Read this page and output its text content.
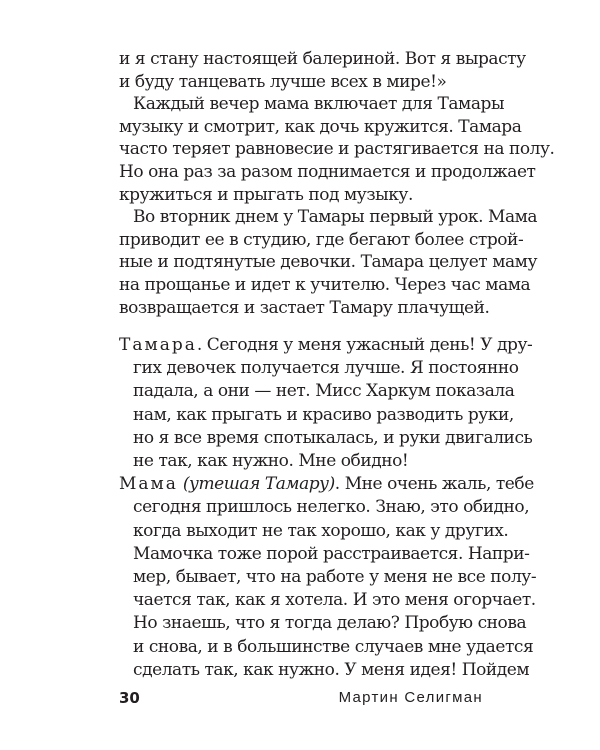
и я стану настоящей балериной. Вот я вырасту
и буду танцевать лучше всех в мире!»
Каждый вечер мама включает для Тамары
музыку и смотрит, как дочь кружится. Тамара
часто теряет равновесие и растягивается на полу.
Но она раз за разом поднимается и продолжает
кружиться и прыгать под музыку.
Во вторник днем у Тамары первый урок. Мама
приводит ее в студию, где бегают более строй-
ные и подтянутые девочки. Тамара целует маму
на прощанье и идет к учителю. Через час мама
возвращается и застает Тамару плачущей.
Тамара. Сегодня у меня ужасный день! У дру-
гих девочек получается лучше. Я постоянно
падала, а они — нет. Мисс Харкум показала
нам, как прыгать и красиво разводить руки,
но я все время спотыкалась, и руки двигались
не так, как нужно. Мне обидно!
Мама (утешая Тамару). Мне очень жаль, тебе
сегодня пришлось нелегко. Знаю, это обидно,
когда выходит не так хорошо, как у других.
Мамочка тоже порой расстраивается. Напри-
мер, бывает, что на работе у меня не все полу-
чается так, как я хотела. И это меня огорчает.
Но знаешь, что я тогда делаю? Пробую снова
и снова, и в большинстве случаев мне удается
сделать так, как нужно. У меня идея! Пойдем
30	Мартин Селигман
